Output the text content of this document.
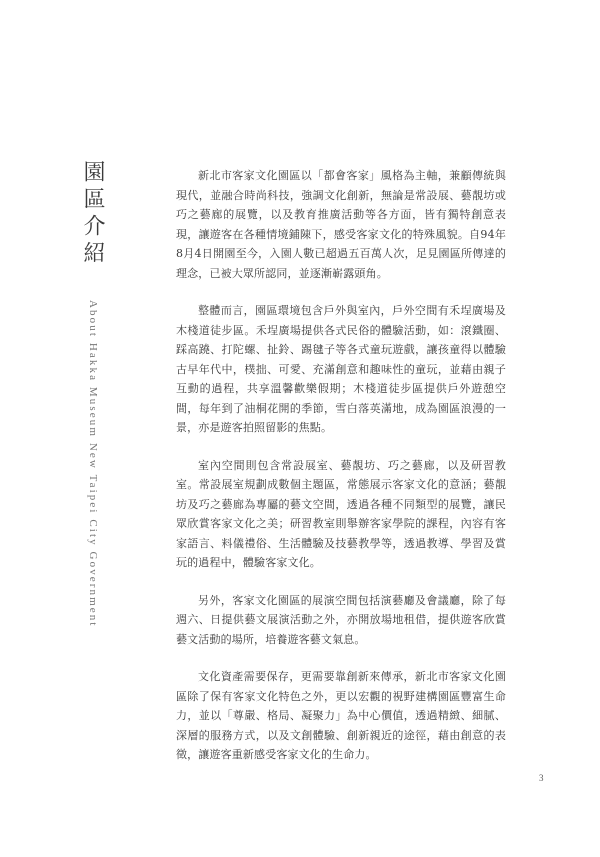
園區介紹
About Hakka Museum New Taipei City Government

新北市客家文化園區以「都會客家」風格為主軸，兼顧傳統與現代，並融合時尚科技，強調文化創新，無論是常設展、藝靚坊或巧之藝廊的展覽，以及教育推廣活動等各方面，皆有獨特創意表現，讓遊客在各種情境鋪陳下，感受客家文化的特殊風貌。自94年8月4日開園至今，入園人數已超過五百萬人次，足見園區所傳達的理念，已被大眾所認同，並逐漸嶄露頭角。

整體而言，園區環境包含戶外與室內，戶外空間有禾埕廣場及木棧道徒步區。禾埕廣場提供各式民俗的體驗活動，如：滾鐵圈、踩高蹺、打陀螺、扯鈴、踢毽子等各式童玩遊戲，讓孩童得以體驗古早年代中，樸拙、可愛、充滿創意和趣味性的童玩，並藉由親子互動的過程，共享溫馨歡樂假期；木棧道徒步區提供戶外遊憩空間，每年到了油桐花開的季節，雪白落英滿地，成為園區浪漫的一景，亦是遊客拍照留影的焦點。

室內空間則包含常設展室、藝靚坊、巧之藝廊，以及研習教室。常設展室規劃成數個主題區，常態展示客家文化的意涵；藝靚坊及巧之藝廊為專屬的藝文空間，透過各種不同類型的展覽，讓民眾欣賞客家文化之美；研習教室則舉辦客家學院的課程，內容有客家語言、料儀禮俗、生活體驗及技藝教學等，透過教導、學習及賞玩的過程中，體驗客家文化。

另外，客家文化園區的展演空間包括演藝廳及會議廳，除了每週六、日提供藝文展演活動之外，亦開放場地租借，提供遊客欣賞藝文活動的場所，培養遊客藝文氣息。

文化資產需要保存，更需要靠創新來傳承，新北市客家文化園區除了保有客家文化特色之外，更以宏觀的視野建構園區豐富生命力，並以「尊嚴、格局、凝聚力」為中心價值，透過精緻、細膩、深層的服務方式，以及文創體驗、創新親近的途徑，藉由創意的表徵，讓遊客重新感受客家文化的生命力。

3
